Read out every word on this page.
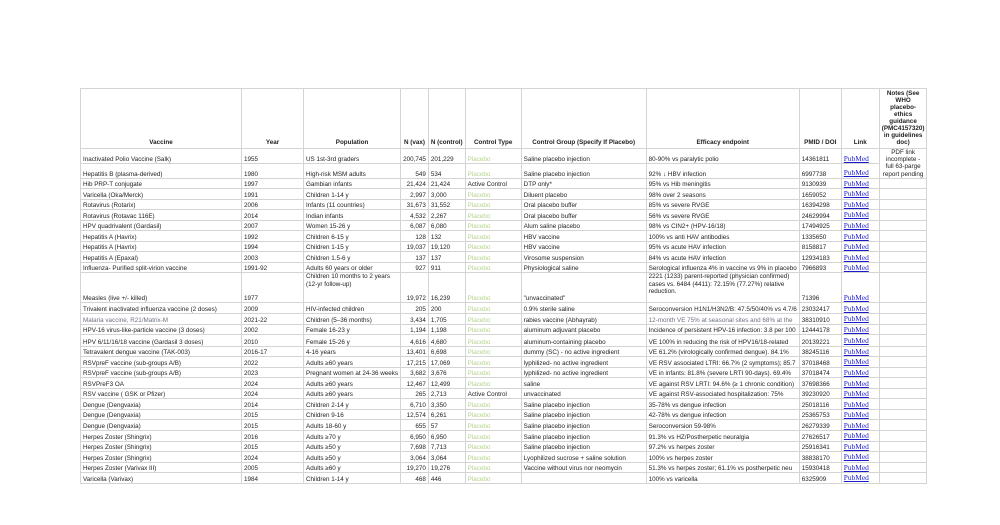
Vaccine	Year	Population	N (vax)	N (control)	Control Type	Control Group (Specify If Placebo)	Efficacy endpoint	PMID / DOI	Link	Notes (See WHO placebo-ethics guidance (PMC4157320) in guidelines doc)
Inactivated Polio Vaccine (Salk)	1955	US 1st-3rd graders	200,745	201,229	Placebo	Saline placebo injection	80-90% vs paralytic polio	14361811	PubMed	PDF link incomplete - full 63-parge report pending
Hepatitis B (plasma-derived)	1980	High-risk MSM adults	549	534	Placebo	Saline placebo injection	92% ↓ HBV infection	6997738	PubMed	
Hib PRP-T conjugate	1997	Gambian infants	21,424	21,424	Active Control	DTP only*	95% vs Hib meningitis	9130939	PubMed	
Varicella (Oka/Merck)	1991	Children 1-14 y	2,997	3,000	Placebo	Diluent placebo	98% over 2 seasons	1659052	PubMed	
Rotavirus (Rotarix)	2006	Infants (11 countries)	31,673	31,552	Placebo	Oral placebo buffer	85% vs severe RVGE	16394298	PubMed	
Rotavirus (Rotavac 116E)	2014	Indian infants	4,532	2,267	Placebo	Oral placebo buffer	56% vs severe RVGE	24629994	PubMed	
HPV quadrivalent (Gardasil)	2007	Women 15-26 y	6,087	6,080	Placebo	Alum saline placebo	98% vs CIN2+ (HPV-16/18)	17494925	PubMed	
Hepatitis A (Havrix)	1992	Children 6-15 y	128	132	Placebo	HBV vaccine	100% vs anti HAV antibodies	1335650	PubMed	
Hepatitis A (Havrix)	1994	Children 1-15 y	19,037	19,120	Placebo	HBV vaccine	95% vs acute HAV infection	8158817	PubMed	
Hepatitis A (Epaxal)	2003	Children 1.5-6 y	137	137	Placebo	Virosome suspension	84% vs acute HAV infection	12934183	PubMed	
Influenza- Purified split-virion vaccine	1991-92	Adults 60 years or older	927	911	Placebo	Physiological saline	Serological influenza 4% in vaccine vs 9% in placebo	7966893	PubMed	
Measles (live +/- killed)	1977	Children 10 months to 2 years (12-yr follow-up)	19,972	16,239	Placebo	"unvaccinated"	2221 (1233) parent-reported (physician confirmed) cases vs. 6484 (4411): 72.15% (77.27%) relative reduction.	71396	PubMed	
Trivalent inactivated influenza vaccine (2 doses)	2009	HIV-infected children	205	200	Placebo	0.9% sterile saline	Seroconversion H1N1/H3N2/B: 47.5/50/40% vs 4.7/6	23032417	PubMed	
Malaria vaccine, R21/Matrix-M	2021-22	Children (5–36 months)	3,434	1,705	Placebo	rabies vaccine (Abhayrab)	12-month VE 75% at seasonal sites and 68% at the	38310910	PubMed	
HPV-16 virus-like-particle vaccine (3 doses)	2002	Female 16-23 y	1,194	1,198	Placebo	aluminum adjuvant placebo	Incidence of persistent HPV-16 infection: 3.8 per 100	12444178	PubMed	
HPV 6/11/16/18 vaccine (Gardasil 3 doses)	2010	Female 15-26 y	4,616	4,680	Placebo	aluminum-containing placebo	VE 100% in reducing the risk of HPV16/18-related	20139221	PubMed	
Tetravalent dengue vaccine (TAK-003)	2016-17	4-16 years	13,401	6,698	Placebo	dummy (SC) - no active ingredient	VE 61.2% (virologically confirmed dengue). 84.1%	38245116	PubMed	
RSVpreF vaccine (sub-groups A/B)	2022	Adults ≥60 years	17,215	17,069	Placebo	lyphilized- no active ingredient	VE RSV associated LTRI: 66.7% (2 symptoms); 85.7	37018468	PubMed	
RSVpreF vaccine (sub-groups A/B)	2023	Pregnant women at 24-36 weeks	3,682	3,676	Placebo	lyphilized- no active ingredient	VE in infants: 81.8% (severe LRTI 90-days). 69.4%	37018474	PubMed	
RSVPreF3 OA	2024	Adults ≥60 years	12,467	12,499	Placebo	saline	VE against RSV LRTI: 94.6% (≥ 1 chronic condition)	37698366	PubMed	
RSV vaccine ( GSK or Pfizer)	2024	Adults ≥60 years	265	2,713	Active Control	unvaccinated	VE against RSV-associated hospitalization: 75%	39230920	PubMed	
Dengue (Dengvaxia)	2014	Children 2-14 y	6,710	3,350	Placebo	Saline placebo injection	35-78% vs dengue infection	25018116	PubMed	
Dengue (Dengvaxia)	2015	Children 9-16	12,574	6,261	Placebo	Saline placebo injection	42-78% vs dengue infection	25365753	PubMed	
Dengue (Dengvaxia)	2015	Adults 18-60 y	655	57	Placebo	Saline placebo injection	Seroconversion 59-98%	26279339	PubMed	
Herpes Zoster (Shingrix)	2016	Adults ≥70 y	6,950	6,950	Placebo	Saline placebo injection	91.3% vs HZ/Postherpetic neuralgia	27626517	PubMed	
Herpes Zoster (Shingrix)	2015	Adults ≥50 y	7,698	7,713	Placebo	Saline placebo injection	97.2% vs herpes zoster	25916341	PubMed	
Herpes Zoster (Shingrix)	2024	Adults ≥50 y	3,064	3,064	Placebo	Lyophilized sucrose + saline solution	100% vs herpes zoster	38838170	PubMed	
Herpes Zoster (Varivax III)	2005	Adults ≥60 y	19,270	19,276	Placebo	Vaccine without virus nor neomycin	51.3% vs herpes zoster; 61.1% vs postherpetic neu	15930418	PubMed	
Varicella (Varivax)	1984	Children 1-14 y	468	446	Placebo		100% vs varicella	6325909	PubMed	
